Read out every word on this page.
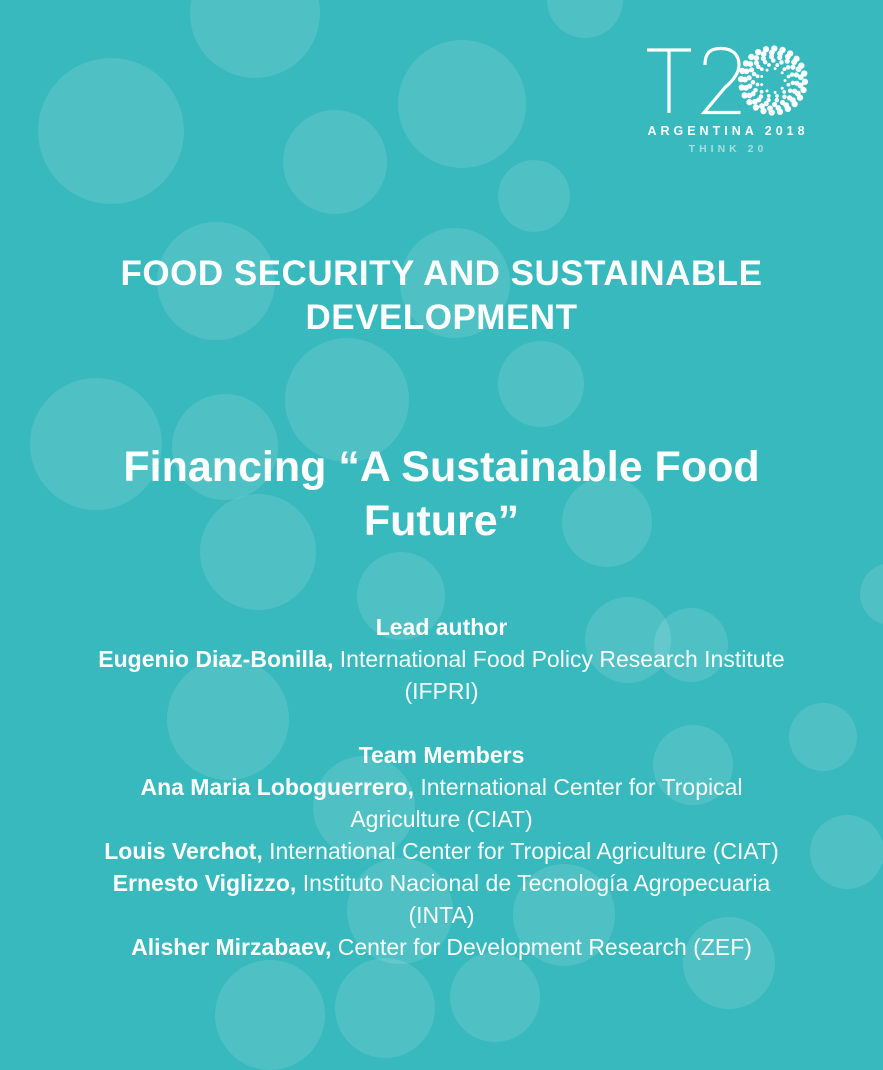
ARGENTINA 2018
THINK 20
FOOD SECURITY AND SUSTAINABLE DEVELOPMENT
Financing “A Sustainable Food Future”
Lead author

Eugenio Diaz-Bonilla, International Food Policy Research Institute (IFPRI)

Team Members

Ana Maria Loboguerrero, International Center for Tropical Agriculture (CIAT)

Louis Verchot, International Center for Tropical Agriculture (CIAT)

Ernesto Viglizzo, Instituto Nacional de Tecnología Agropecuaria (INTA)

Alisher Mirzabaev, Center for Development Research (ZEF)
